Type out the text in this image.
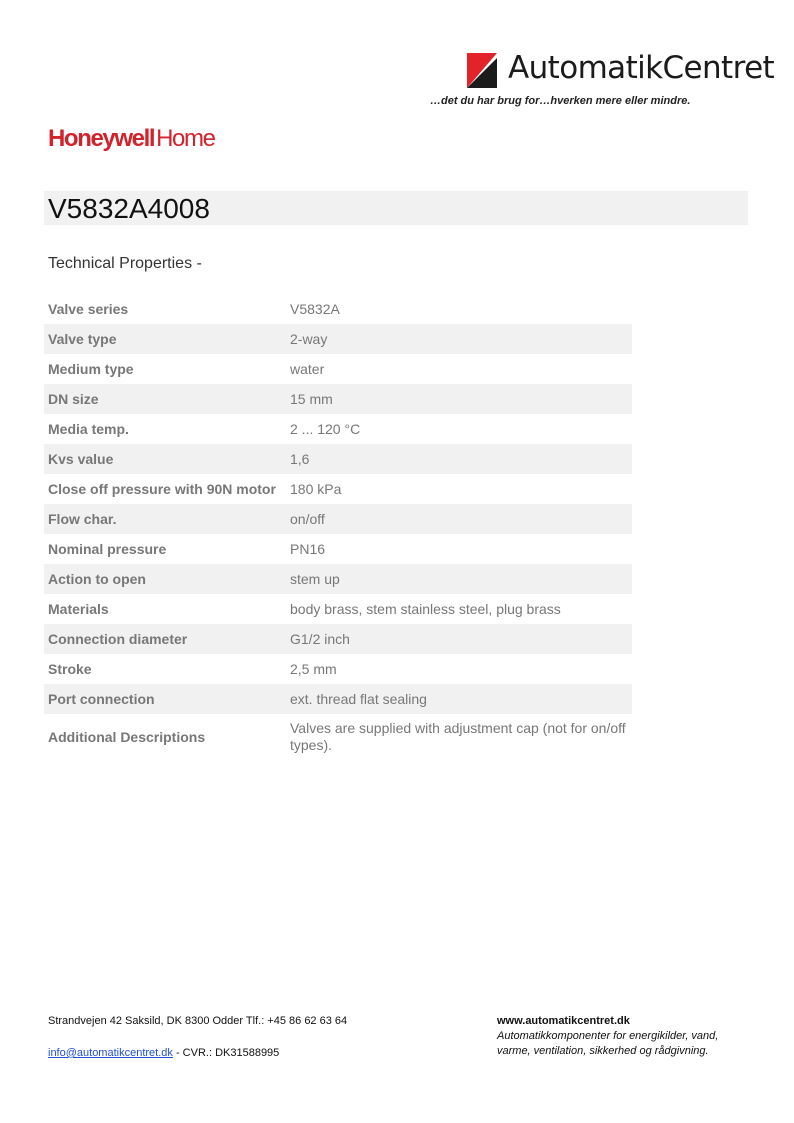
AutomatikCentret
…det du har brug for…hverken mere eller mindre.
HoneywellHome
V5832A4008
Technical Properties -
Valve series	V5832A
Valve type	2-way
Medium type	water
DN size	15 mm
Media temp.	2 ... 120 °C
Kvs value	1,6
Close off pressure with 90N motor	180 kPa
Flow char.	on/off
Nominal pressure	PN16
Action to open	stem up
Materials	body brass, stem stainless steel, plug brass
Connection diameter	G1/2 inch
Stroke	2,5 mm
Port connection	ext. thread flat sealing
Additional Descriptions	Valves are supplied with adjustment cap (not for on/off types).
Strandvejen 42 Saksild, DK 8300 Odder Tlf.: +45 86 62 63 64
info@automatikcentret.dk - CVR.: DK31588995
www.automatikcentret.dk
Automatikkomponenter for energikilder, vand, varme, ventilation, sikkerhed og rådgivning.
